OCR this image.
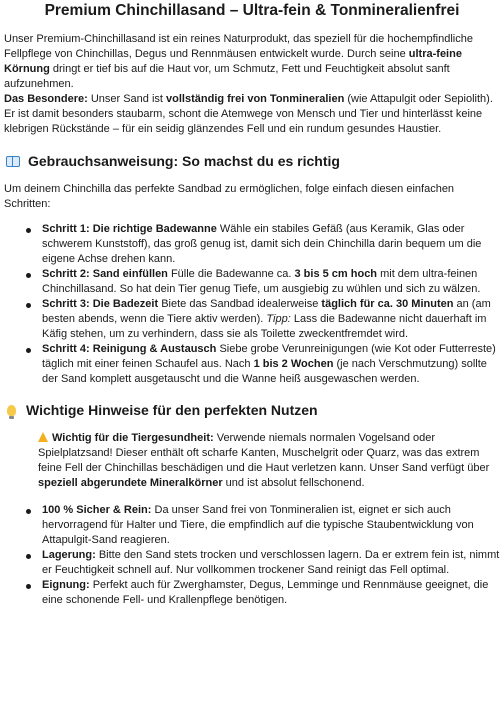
Premium Chinchillasand – Ultra-fein & Tonmineralienfrei

Unser Premium-Chinchillasand ist ein reines Naturprodukt, das speziell für die hochempfindliche Fellpflege von Chinchillas, Degus und Rennmäusen entwickelt wurde. Durch seine ultra-feine Körnung dringt er tief bis auf die Haut vor, um Schmutz, Fett und Feuchtigkeit absolut sanft aufzunehmen.

Das Besondere: Unser Sand ist vollständig frei von Tonmineralien (wie Attapulgit oder Sepiolith). Er ist damit besonders staubarm, schont die Atemwege von Mensch und Tier und hinterlässt keine klebrigen Rückstände – für ein seidig glänzendes Fell und ein rundum gesundes Haustier.

Gebrauchsanweisung: So machst du es richtig

Um deinem Chinchilla das perfekte Sandbad zu ermöglichen, folge einfach diesen einfachen Schritten:

Schritt 1: Die richtige Badewanne Wähle ein stabiles Gefäß (aus Keramik, Glas oder schwerem Kunststoff), das groß genug ist, damit sich dein Chinchilla darin bequem um die eigene Achse drehen kann.
Schritt 2: Sand einfüllen Fülle die Badewanne ca. 3 bis 5 cm hoch mit dem ultra-feinen Chinchillasand. So hat dein Tier genug Tiefe, um ausgiebig zu wühlen und sich zu wälzen.
Schritt 3: Die Badezeit Biete das Sandbad idealerweise täglich für ca. 30 Minuten an (am besten abends, wenn die Tiere aktiv werden). Tipp: Lass die Badewanne nicht dauerhaft im Käfig stehen, um zu verhindern, dass sie als Toilette zweckentfremdet wird.
Schritt 4: Reinigung & Austausch Siebe grobe Verunreinigungen (wie Kot oder Futterreste) täglich mit einer feinen Schaufel aus. Nach 1 bis 2 Wochen (je nach Verschmutzung) sollte der Sand komplett ausgetauscht und die Wanne heiß ausgewaschen werden.
Wichtige Hinweise für den perfekten Nutzen

Wichtig für die Tiergesundheit: Verwende niemals normalen Vogelsand oder Spielplatzsand! Dieser enthält oft scharfe Kanten, Muschelgrit oder Quarz, was das extrem feine Fell der Chinchillas beschädigen und die Haut verletzen kann. Unser Sand verfügt über speziell abgerundete Mineralkörner und ist absolut fellschonend.

100 % Sicher & Rein: Da unser Sand frei von Tonmineralien ist, eignet er sich auch hervorragend für Halter und Tiere, die empfindlich auf die typische Staubentwicklung von Attapulgit-Sand reagieren.
Lagerung: Bitte den Sand stets trocken und verschlossen lagern. Da er extrem fein ist, nimmt er Feuchtigkeit schnell auf. Nur vollkommen trockener Sand reinigt das Fell optimal.
Eignung: Perfekt auch für Zwerghamster, Degus, Lemminge und Rennmäuse geeignet, die eine schonende Fell- und Krallenpflege benötigen.
